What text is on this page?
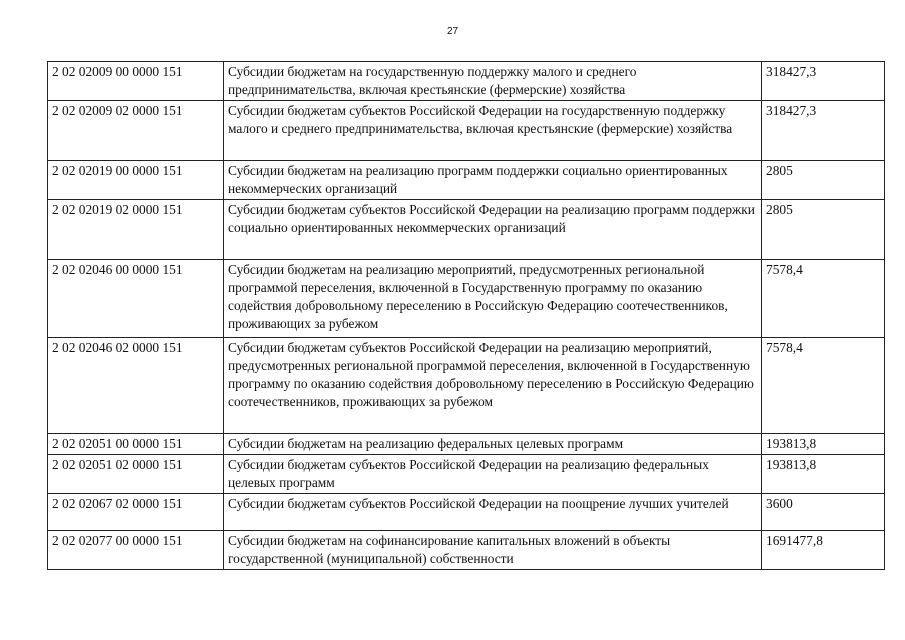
27
2 02 02009 00 0000 151	Субсидии бюджетам на государственную поддержку малого и среднего предпринимательства, включая крестьянские (фермерские) хозяйства	318427,3
2 02 02009 02 0000 151	Субсидии бюджетам субъектов Российской Федерации на государственную поддержку малого и среднего предпринимательства, включая крестьянские (фермерские) хозяйства	318427,3
2 02 02019 00 0000 151	Субсидии бюджетам на реализацию программ поддержки социально ориентированных некоммерческих организаций	2805
2 02 02019 02 0000 151	Субсидии бюджетам субъектов Российской Федерации на реализацию программ поддержки социально ориентированных некоммерческих организаций	2805
2 02 02046 00 0000 151	Субсидии бюджетам на реализацию мероприятий, предусмотренных региональной программой переселения, включенной в Государственную программу по оказанию содействия добровольному переселению в Российскую Федерацию соотечественников, проживающих за рубежом	7578,4
2 02 02046 02 0000 151	Субсидии бюджетам субъектов Российской Федерации на реализацию мероприятий, предусмотренных региональной программой переселения, включенной в Государственную программу по оказанию содействия добровольному переселению в Российскую Федерацию соотечественников, проживающих за рубежом	7578,4
2 02 02051 00 0000 151	Субсидии бюджетам на реализацию федеральных целевых программ	193813,8
2 02 02051 02 0000 151	Субсидии бюджетам субъектов Российской Федерации на реализацию федеральных целевых программ	193813,8
2 02 02067 02 0000 151	Субсидии бюджетам субъектов Российской Федерации на поощрение лучших учителей	3600
2 02 02077 00 0000 151	Субсидии бюджетам на софинансирование капитальных вложений в объекты государственной (муниципальной) собственности	1691477,8
